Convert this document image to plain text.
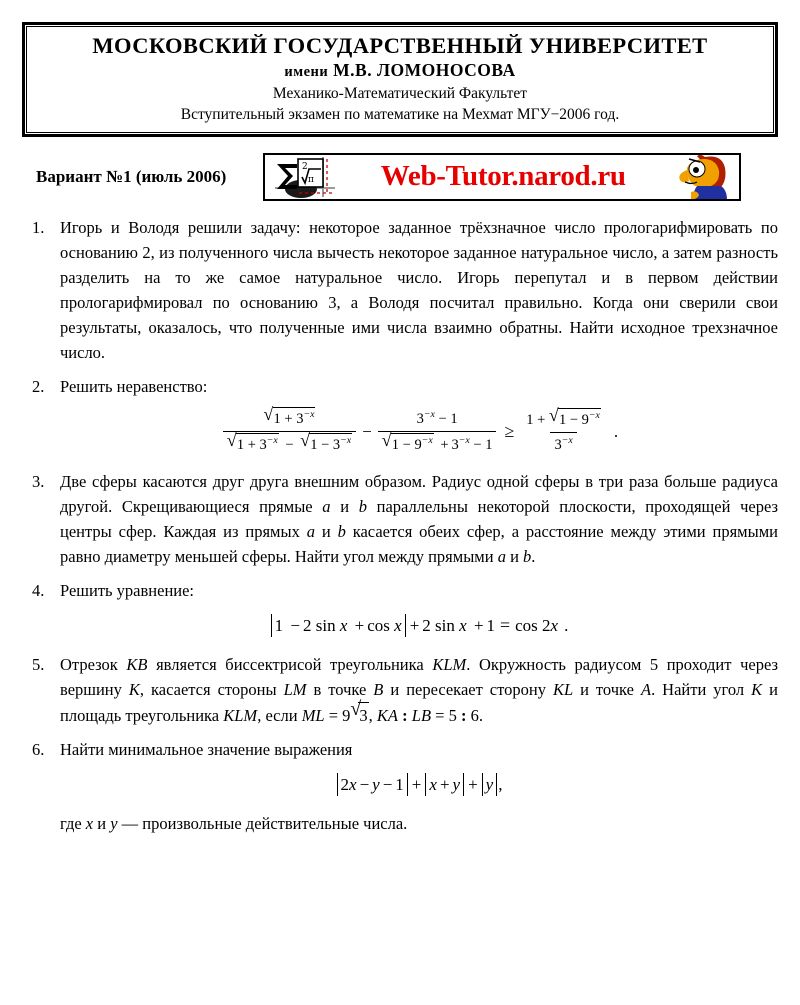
МОСКОВСКИЙ ГОСУДАРСТВЕННЫЙ УНИВЕРСИТЕТ
имени М.В. ЛОМОНОСОВА
Механико-Математический Факультет
Вступительный экзамен по математике на Мехмат МГУ−2006 год.
Вариант №1 (июль 2006)	2
π	Web-Tutor.narod.ru
1. Игорь и Володя решили задачу: некоторое заданное трёхзначное число прологарифмировать по основанию 2, из полученного числа вычесть некоторое заданное натуральное число, а затем разность разделить на то же самое натуральное число. Игорь перепутал и в первом действии прологарифмировал по основанию 3, а Володя посчитал правильно. Когда они сверили свои результаты, оказалось, что полученные ими числа взаимно обратны. Найти исходное трехзначное число.
2. Решить неравенство:
√ $1 + 3^{-x}$
√ $1 + 3^{-x}$ − √ $1 - 3^{-x} - 3^{-x} - 1$
√ $1 - 9^{-x} + 3^{-x} - 1 \ge \frac{1 + √ 1 - 9^{-x}}{3^{-x}}$ .
3. Две сферы касаются друг друга внешним образом. Радиус одной сферы в три раза больше радиуса другой. Скрещивающиеся прямые a и b параллельны некоторой плоскости, проходящей через центры сфер. Каждая из прямых a и b касается обеих сфер, а расстояние между этими прямыми равно диаметру меньшей сферы. Найти угол между прямыми a и b.
4. Решить уравнение:
1 − 2 sin x + cos x + 2 sin x + 1 = cos 2x .
5. Отрезок KB является биссектрисой треугольника KLM. Окружность радиусом 5 проходит через вершину K, касается стороны LM в точке B и пересекает сторону KL и точке A. Найти угол K и площадь треугольника KLM, если ML = 9 √ 3, KA : LB = 5 : 6.
6. Найти минимальное значение выражения
2x − y − 1 + x + y + y ,
где x и y — произвольные действительные числа.
